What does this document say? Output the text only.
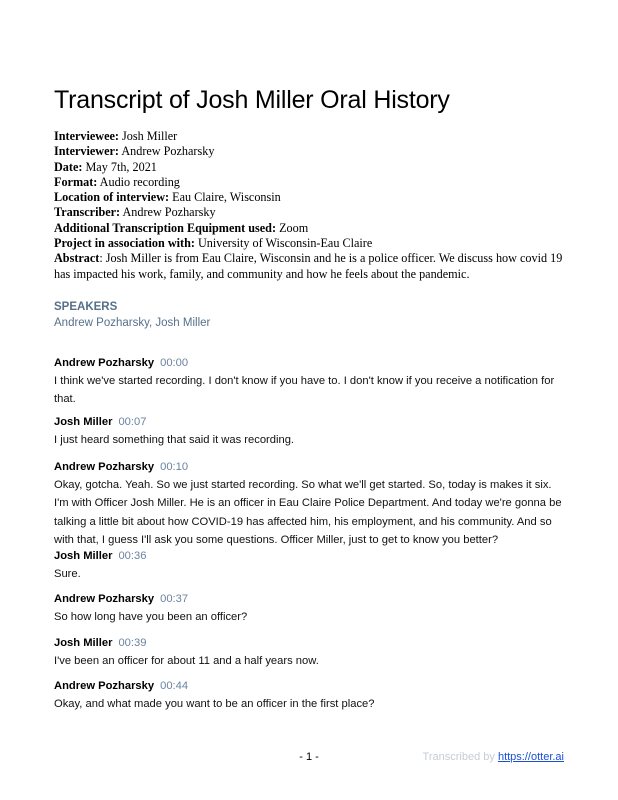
Transcript of Josh Miller Oral History
Interviewee: Josh Miller
Interviewer: Andrew Pozharsky
Date: May 7th, 2021
Format: Audio recording
Location of interview: Eau Claire, Wisconsin
Transcriber: Andrew Pozharsky
Additional Transcription Equipment used: Zoom
Project in association with: University of Wisconsin-Eau Claire
Abstract: Josh Miller is from Eau Claire, Wisconsin and he is a police officer. We discuss how covid 19 has impacted his work, family, and community and how he feels about the pandemic.
SPEAKERS
Andrew Pozharsky, Josh Miller
Andrew Pozharsky 00:00
I think we've started recording. I don't know if you have to. I don't know if you receive a notification for that.
Josh Miller 00:07
I just heard something that said it was recording.
Andrew Pozharsky 00:10
Okay, gotcha. Yeah. So we just started recording. So what we'll get started. So, today is makes it six. I'm with Officer Josh Miller. He is an officer in Eau Claire Police Department. And today we're gonna be talking a little bit about how COVID-19 has affected him, his employment, and his community. And so with that, I guess I'll ask you some questions. Officer Miller, just to get to know you better?
Josh Miller 00:36
Sure.
Andrew Pozharsky 00:37
So how long have you been an officer?
Josh Miller 00:39
I've been an officer for about 11 and a half years now.
Andrew Pozharsky 00:44
Okay, and what made you want to be an officer in the first place?
- 1 -	Transcribed by https://otter.ai
